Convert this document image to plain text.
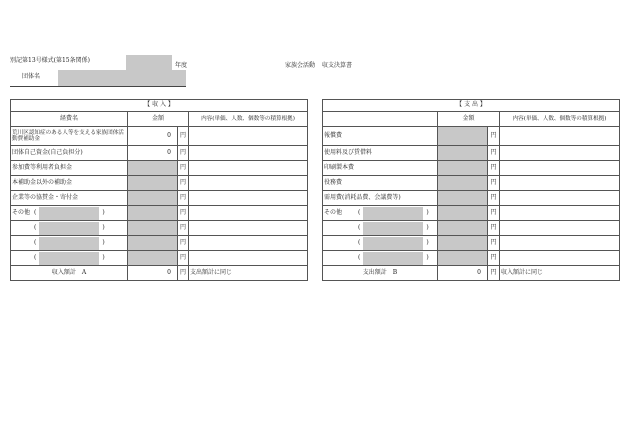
別記第13号様式(第15条関係)
年度	家族会活動 収支決算書
団体名
【 収 入 】			
経費名	金額		内容(単価、人数、個数等の積算根拠)
荒川区認知症のある人等を支える家族団体活動費補助金	0	円	
団体自己資金(自己負担分)	0	円	
参加費等利用者負担金		円	
本補助金以外の補助金		円	
企業等の協賛金・寄付金		円	

その他 ( )		円	

( )		円	

( )		円	

( )		円	
収入額計　A	0	円	支出額計に同じ
【 支 出 】			
	金額		内容(単価、人数、個数等の積算根拠)
報償費		円	
使用料及び賃借料		円	
印刷製本費		円	
役務費		円	
需用費(消耗品費、会議費等)		円	

その他 ( )		円	

( )		円	

( )		円	

( )		円	
支出額計　B	0	円	収入額計に同じ
